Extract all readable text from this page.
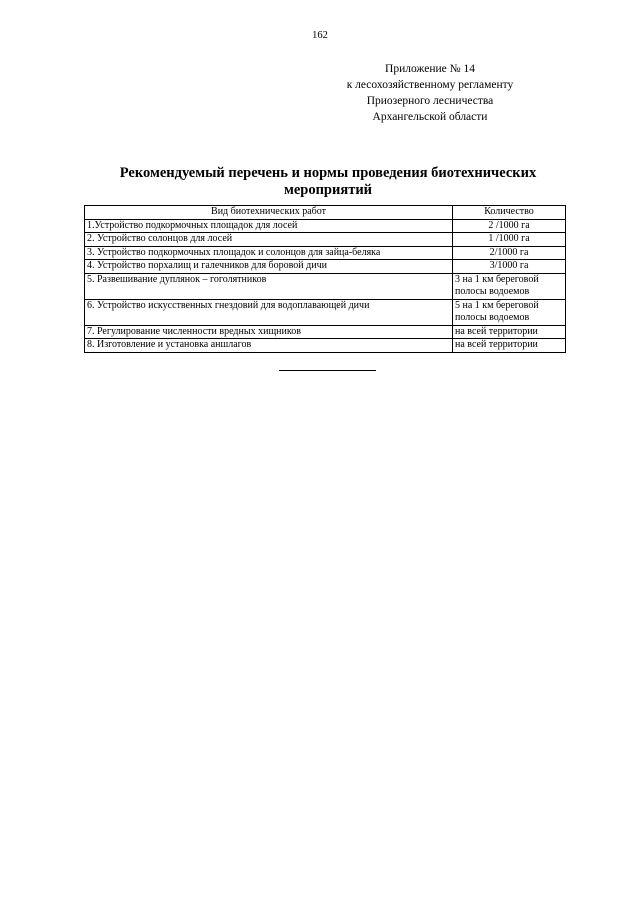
162
Приложение № 14
к лесохозяйственному регламенту
Приозерного лесничества
Архангельской области
Рекомендуемый перечень и нормы проведения биотехнических
мероприятий
Вид биотехнических работ	Количество
1.Устройство подкормочных площадок для лосей	2 /1000 га
2. Устройство солонцов для лосей	1 /1000 га
3. Устройство подкормочных площадок и солонцов для зайца-беляка	2/1000 га
4. Устройство порхалищ и галечников для боровой дичи	3/1000 га
5. Развешивание дуплянок – гоголятников	3 на 1 км береговой полосы водоемов
6. Устройство искусственных гнездовий для водоплавающей дичи	5 на 1 км береговой полосы водоемов
7. Регулирование численности вредных хищников	на всей территории
8. Изготовление и установка аншлагов	на всей территории
